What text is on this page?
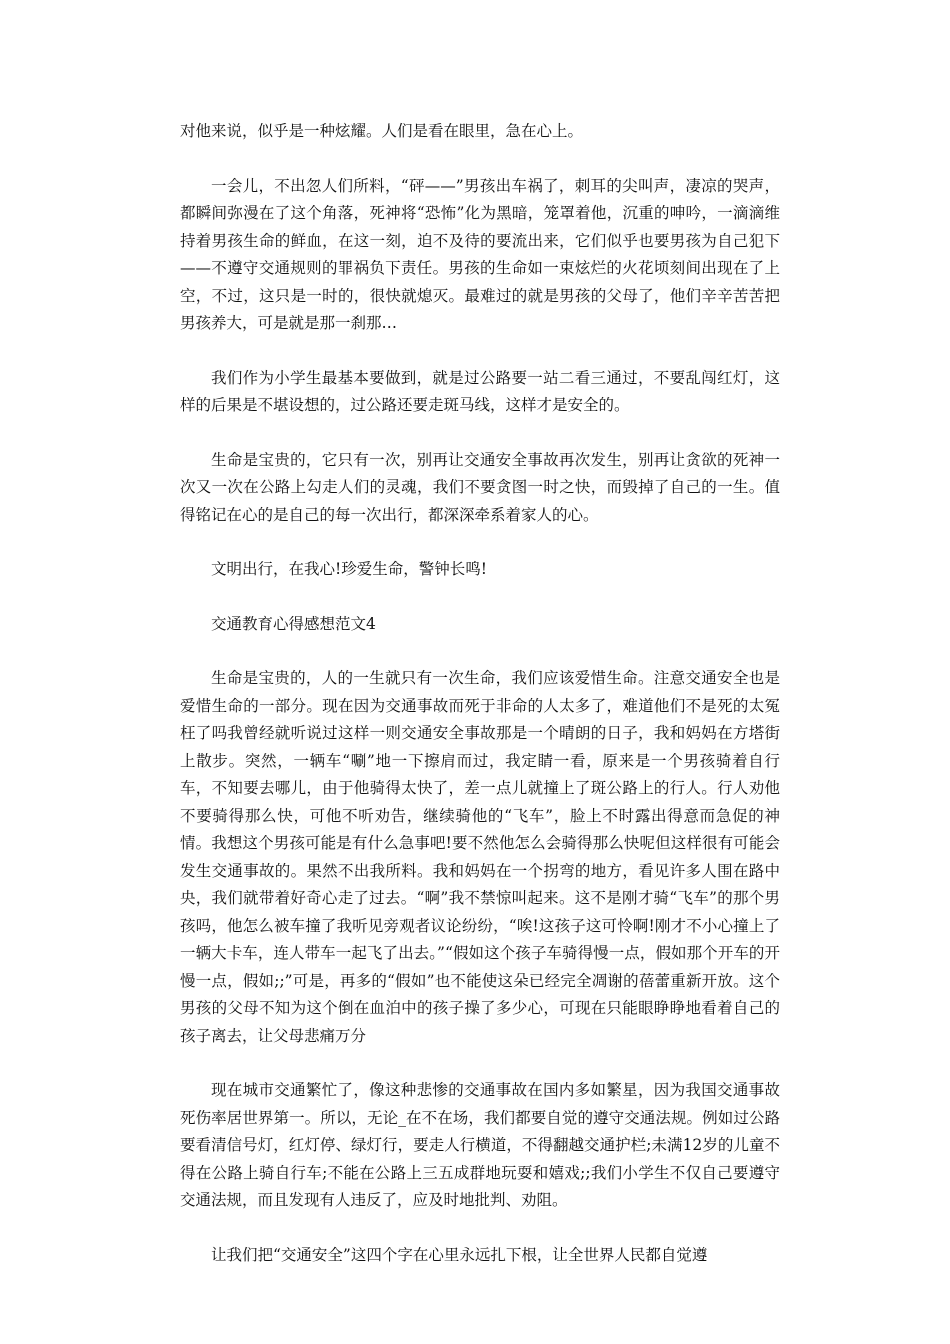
对他来说，似乎是一种炫耀。人们是看在眼里，急在心上。

一会儿，不出忽人们所料，“砰——”男孩出车祸了，刺耳的尖叫声，凄凉的哭声，都瞬间弥漫在了这个角落，死神将“恐怖”化为黑暗，笼罩着他，沉重的呻吟，一滴滴维持着男孩生命的鲜血，在这一刻，迫不及待的要流出来，它们似乎也要男孩为自己犯下——不遵守交通规则的罪祸负下责任。男孩的生命如一束炫烂的火花顷刻间出现在了上空，不过，这只是一时的，很快就熄灭。最难过的就是男孩的父母了，他们辛辛苦苦把男孩养大，可是就是那一刹那…

我们作为小学生最基本要做到，就是过公路要一站二看三通过，不要乱闯红灯，这样的后果是不堪设想的，过公路还要走斑马线，这样才是安全的。

生命是宝贵的，它只有一次，别再让交通安全事故再次发生，别再让贪欲的死神一次又一次在公路上勾走人们的灵魂，我们不要贪图一时之快，而毁掉了自己的一生。值得铭记在心的是自己的每一次出行，都深深牵系着家人的心。

文明出行，在我心!珍爱生命，警钟长鸣!

交通教育心得感想范文4

生命是宝贵的，人的一生就只有一次生命，我们应该爱惜生命。注意交通安全也是爱惜生命的一部分。现在因为交通事故而死于非命的人太多了，难道他们不是死的太冤枉了吗我曾经就听说过这样一则交通安全事故那是一个晴朗的日子，我和妈妈在方塔街上散步。突然，一辆车“唰”地一下擦肩而过，我定睛一看，原来是一个男孩骑着自行车，不知要去哪儿，由于他骑得太快了，差一点儿就撞上了斑公路上的行人。行人劝他不要骑得那么快，可他不听劝告，继续骑他的“飞车”，脸上不时露出得意而急促的神情。我想这个男孩可能是有什么急事吧!要不然他怎么会骑得那么快呢但这样很有可能会发生交通事故的。果然不出我所料。我和妈妈在一个拐弯的地方，看见许多人围在路中央，我们就带着好奇心走了过去。“啊”我不禁惊叫起来。这不是刚才骑“飞车”的那个男孩吗，他怎么被车撞了我听见旁观者议论纷纷，“唉!这孩子这可怜啊!刚才不小心撞上了一辆大卡车，连人带车一起飞了出去。”“假如这个孩子车骑得慢一点，假如那个开车的开慢一点，假如;;”可是，再多的“假如”也不能使这朵已经完全凋谢的蓓蕾重新开放。这个男孩的父母不知为这个倒在血泊中的孩子操了多少心，可现在只能眼睁睁地看着自己的孩子离去，让父母悲痛万分

现在城市交通繁忙了，像这种悲惨的交通事故在国内多如繁星，因为我国交通事故死伤率居世界第一。所以，无论_在不在场，我们都要自觉的遵守交通法规。例如过公路要看清信号灯，红灯停、绿灯行，要走人行横道，不得翻越交通护栏;未满12岁的儿童不得在公路上骑自行车;不能在公路上三五成群地玩耍和嬉戏;;我们小学生不仅自己要遵守交通法规，而且发现有人违反了，应及时地批判、劝阻。

让我们把“交通安全”这四个字在心里永远扎下根，让全世界人民都自觉遵
